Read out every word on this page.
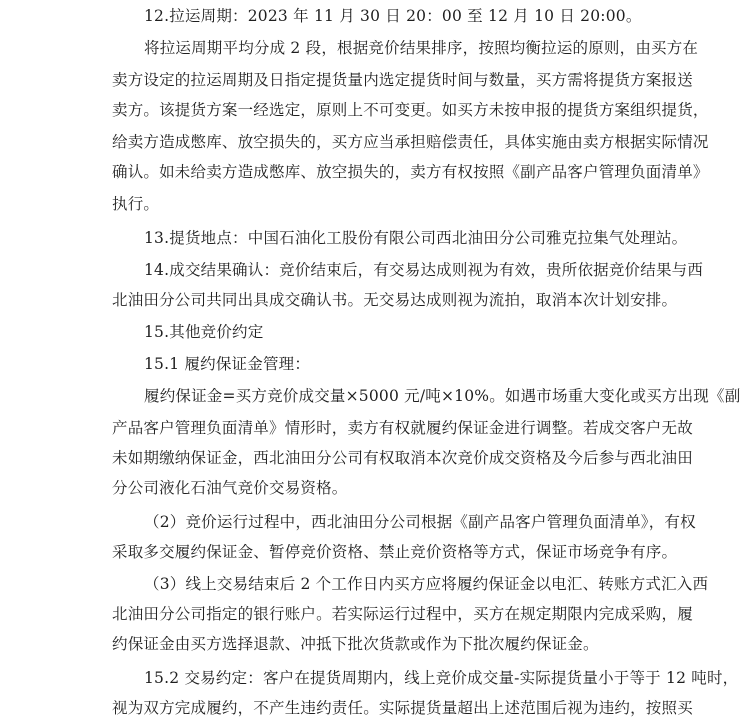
12.拉运周期：2023 年 11 月 30 日 20：00 至 12 月 10 日 20:00。
将拉运周期平均分成 2 段，根据竞价结果排序，按照均衡拉运的原则，由买方在
卖方设定的拉运周期及日指定提货量内选定提货时间与数量，买方需将提货方案报送
卖方。该提货方案一经选定，原则上不可变更。如买方未按申报的提货方案组织提货，
给卖方造成憋库、放空损失的，买方应当承担赔偿责任，具体实施由卖方根据实际情况
确认。如未给卖方造成憋库、放空损失的，卖方有权按照《副产品客户管理负面清单》
执行。
13.提货地点：中国石油化工股份有限公司西北油田分公司雅克拉集气处理站。
14.成交结果确认：竞价结束后，有交易达成则视为有效，贵所依据竞价结果与西
北油田分公司共同出具成交确认书。无交易达成则视为流拍，取消本次计划安排。
15.其他竞价约定
15.1 履约保证金管理：
履约保证金=买方竞价成交量×5000 元/吨×10%。如遇市场重大变化或买方出现《副
产品客户管理负面清单》情形时，卖方有权就履约保证金进行调整。若成交客户无故
未如期缴纳保证金，西北油田分公司有权取消本次竞价成交资格及今后参与西北油田
分公司液化石油气竞价交易资格。
（2）竞价运行过程中，西北油田分公司根据《副产品客户管理负面清单》，有权
采取多交履约保证金、暂停竞价资格、禁止竞价资格等方式，保证市场竞争有序。
（3）线上交易结束后 2 个工作日内买方应将履约保证金以电汇、转账方式汇入西
北油田分公司指定的银行账户。若实际运行过程中，买方在规定期限内完成采购，履
约保证金由买方选择退款、冲抵下批次货款或作为下批次履约保证金。
15.2 交易约定：客户在提货周期内，线上竞价成交量-实际提货量小于等于 12 吨时，
视为双方完成履约，不产生违约责任。实际提货量超出上述范围后视为违约，按照买
